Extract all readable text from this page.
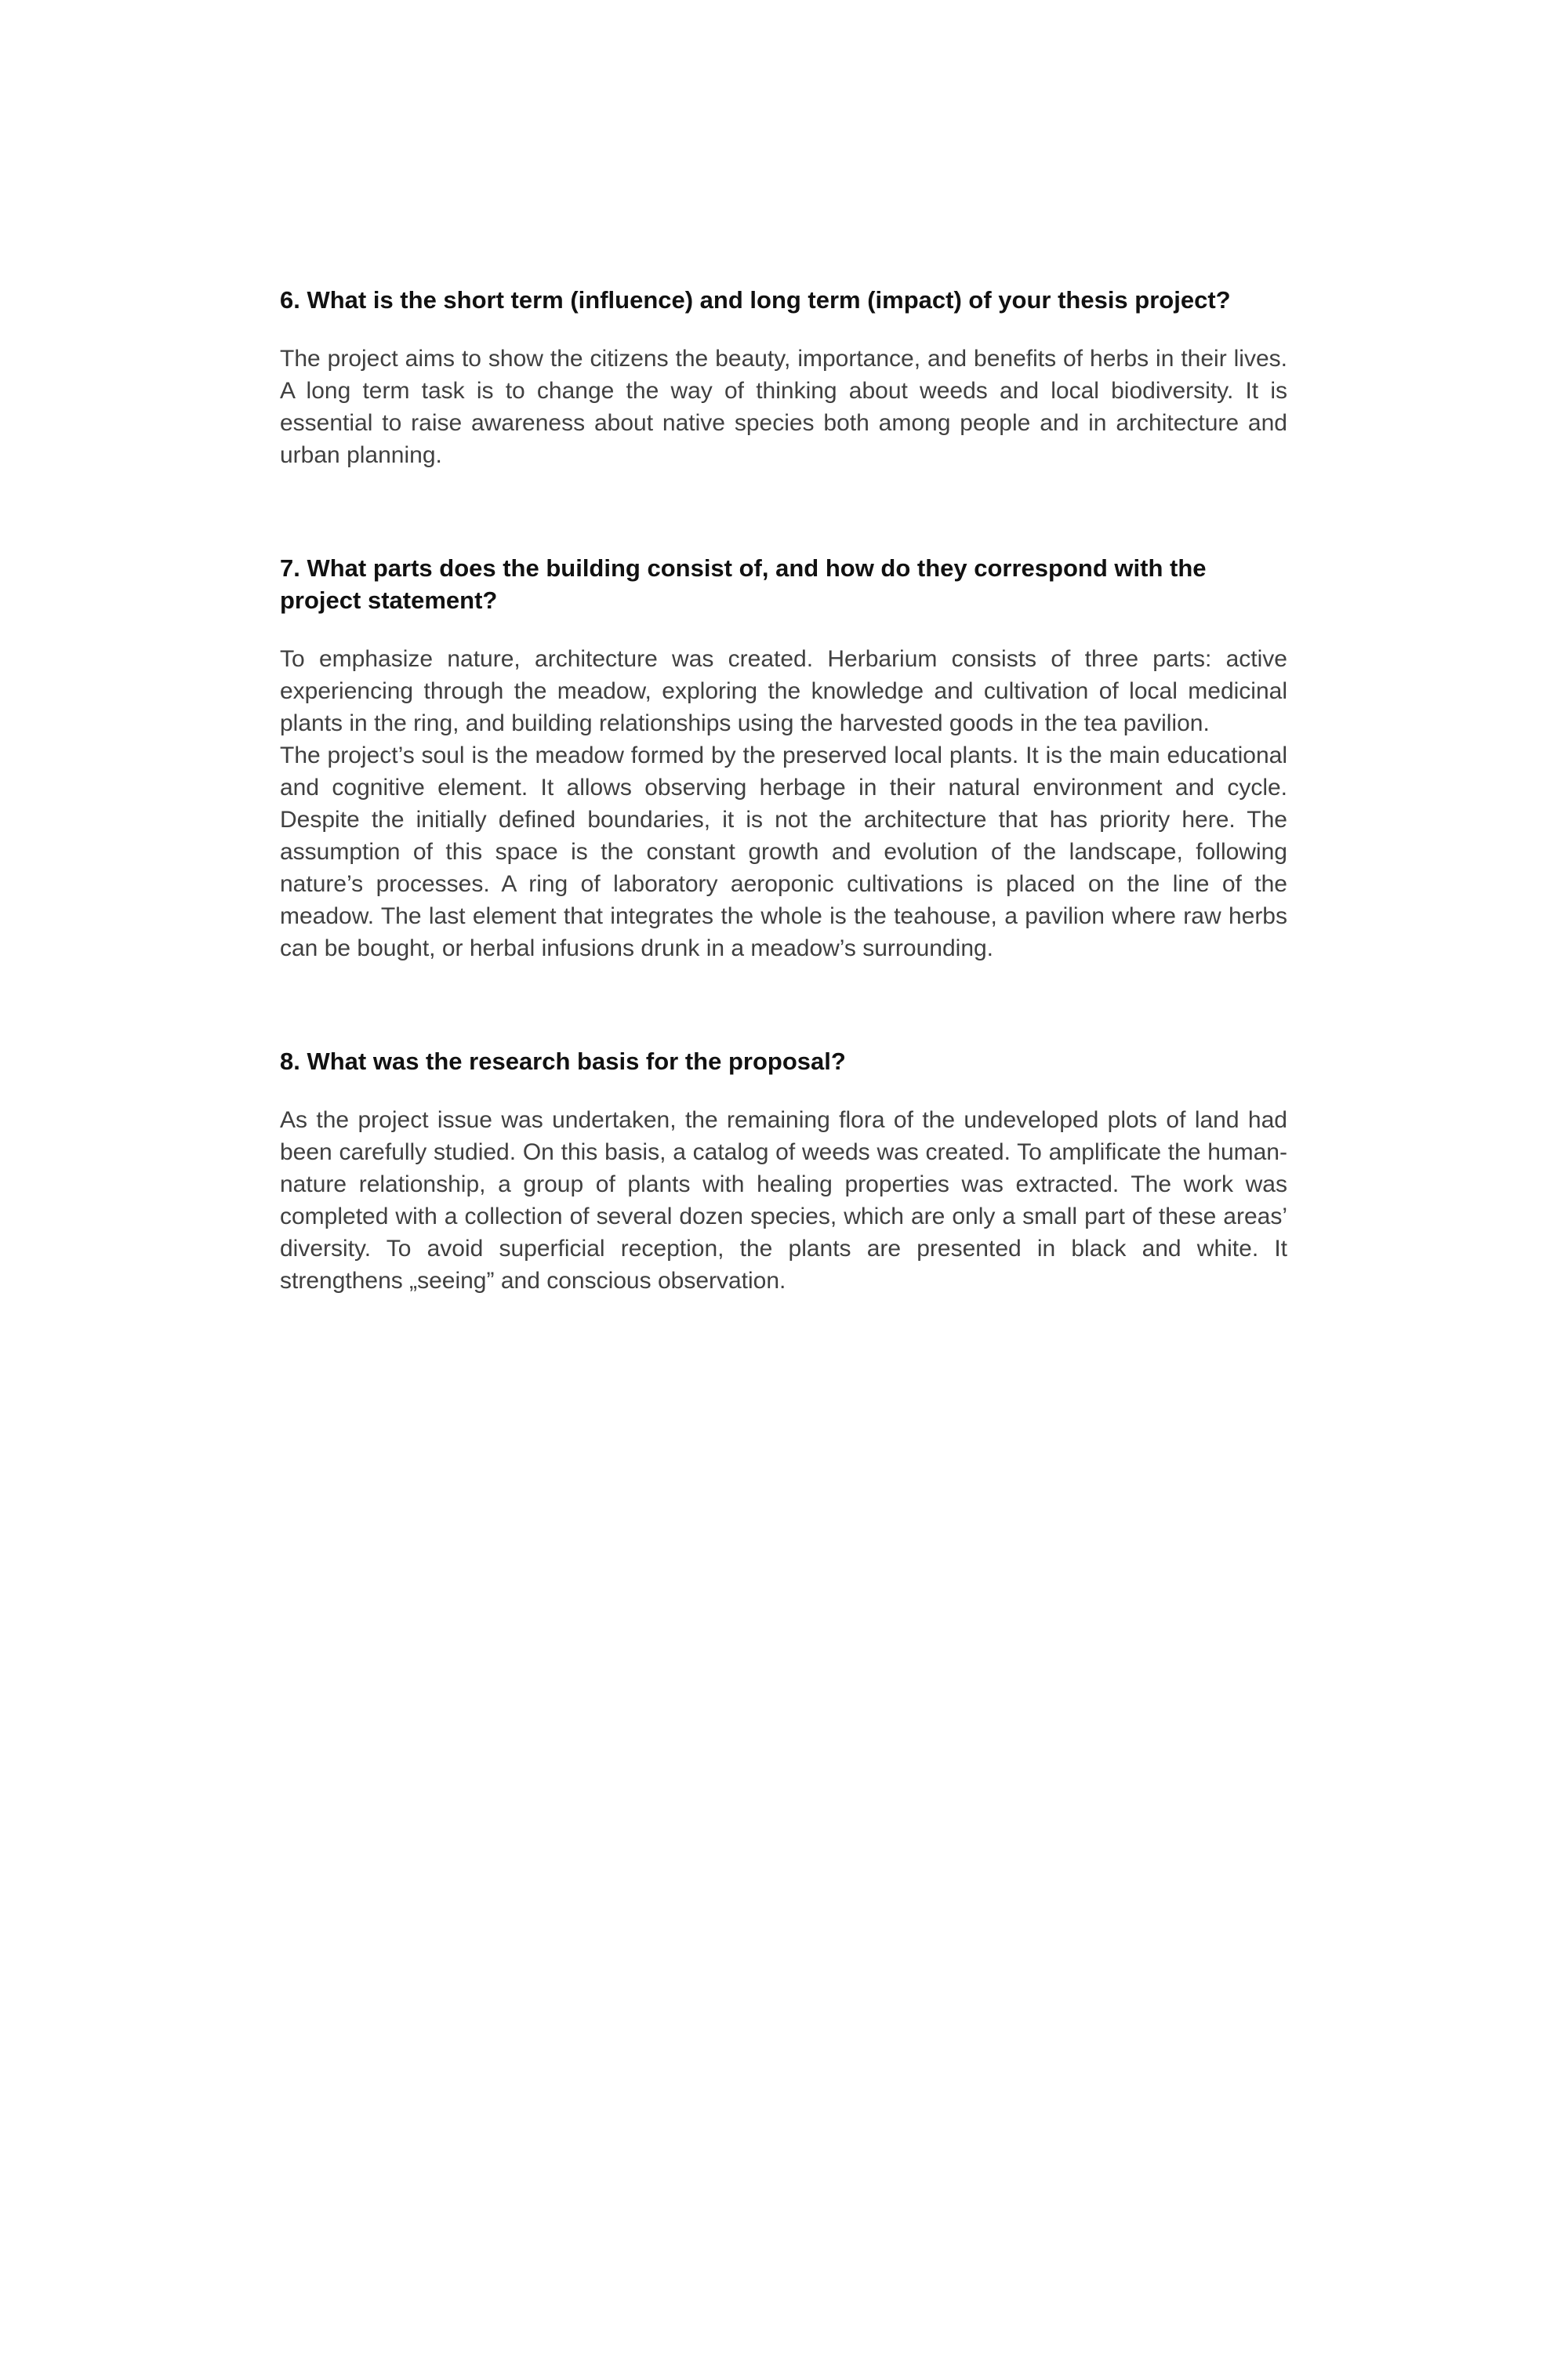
6. What is the short term (influence) and long term (impact) of your thesis project?

The project aims to show the citizens the beauty, importance, and benefits of herbs in their lives. A long term task is to change the way of thinking about weeds and local biodiversity. It is essential to raise awareness about native species both among people and in architecture and urban planning.

7. What parts does the building consist of, and how do they correspond with the project statement?

To emphasize nature, architecture was created. Herbarium consists of three parts: active experiencing through the meadow, exploring the knowledge and cultivation of local medicinal plants in the ring, and building relationships using the harvested goods in the tea pavilion.

The project’s soul is the meadow formed by the preserved local plants. It is the main educational and cognitive element. It allows observing herbage in their natural environment and cycle. Despite the initially defined boundaries, it is not the architecture that has priority here. The assumption of this space is the constant growth and evolution of the landscape, following nature’s processes. A ring of laboratory aeroponic cultivations is placed on the line of the meadow. The last element that integrates the whole is the teahouse, a pavilion where raw herbs can be bought, or herbal infusions drunk in a meadow’s surrounding.

8. What was the research basis for the proposal?

As the project issue was undertaken, the remaining flora of the undeveloped plots of land had been carefully studied. On this basis, a catalog of weeds was created. To amplificate the human-nature relationship, a group of plants with healing properties was extracted. The work was completed with a collection of several dozen species, which are only a small part of these areas’ diversity. To avoid superficial reception, the plants are presented in black and white. It strengthens „seeing” and conscious observation.
